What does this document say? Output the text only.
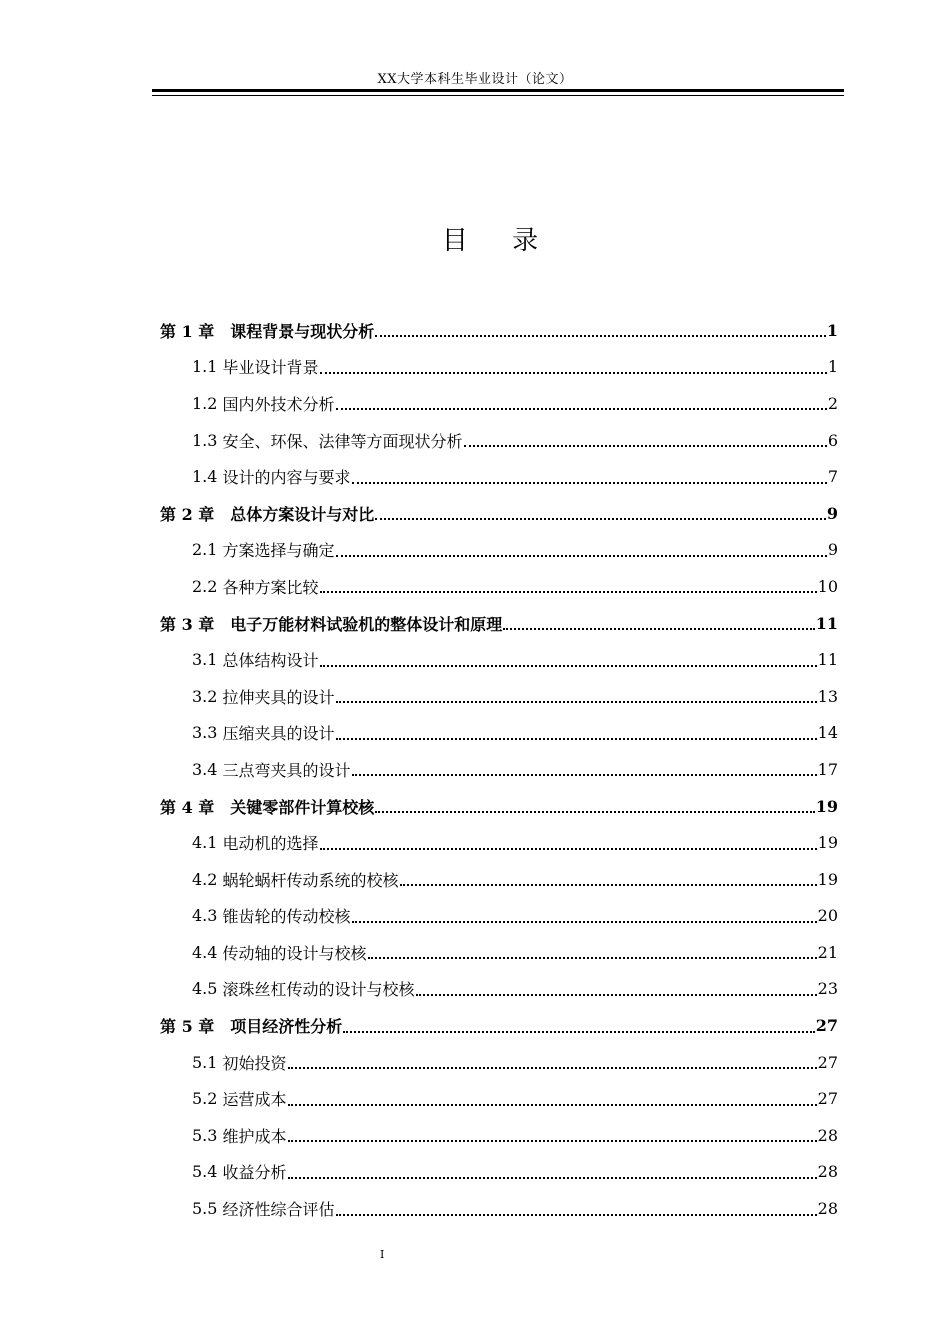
XX大学本科生毕业设计（论文）
目 录
第 1 章　 课程背景与现状分析	1
1.1 毕业设计背景	1
1.2 国内外技术分析	2
1.3 安全、环保、法律等方面现状分析	6
1.4 设计的内容与要求	7
第 2 章　 总体方案设计与对比	9
2.1 方案选择与确定	9
2.2 各种方案比较	10
第 3 章　 电子万能材料试验机的整体设计和原理	11
3.1 总体结构设计	11
3.2 拉伸夹具的设计	13
3.3 压缩夹具的设计	14
3.4 三点弯夹具的设计	17
第 4 章　 关键零部件计算校核	19
4.1 电动机的选择	19
4.2 蜗轮蜗杆传动系统的校核	19
4.3 锥齿轮的传动校核	20
4.4 传动轴的设计与校核	21
4.5 滚珠丝杠传动的设计与校核	23
第 5 章　 项目经济性分析	27
5.1 初始投资	27
5.2 运营成本	27
5.3 维护成本	28
5.4 收益分析	28
5.5 经济性综合评估	28
I
